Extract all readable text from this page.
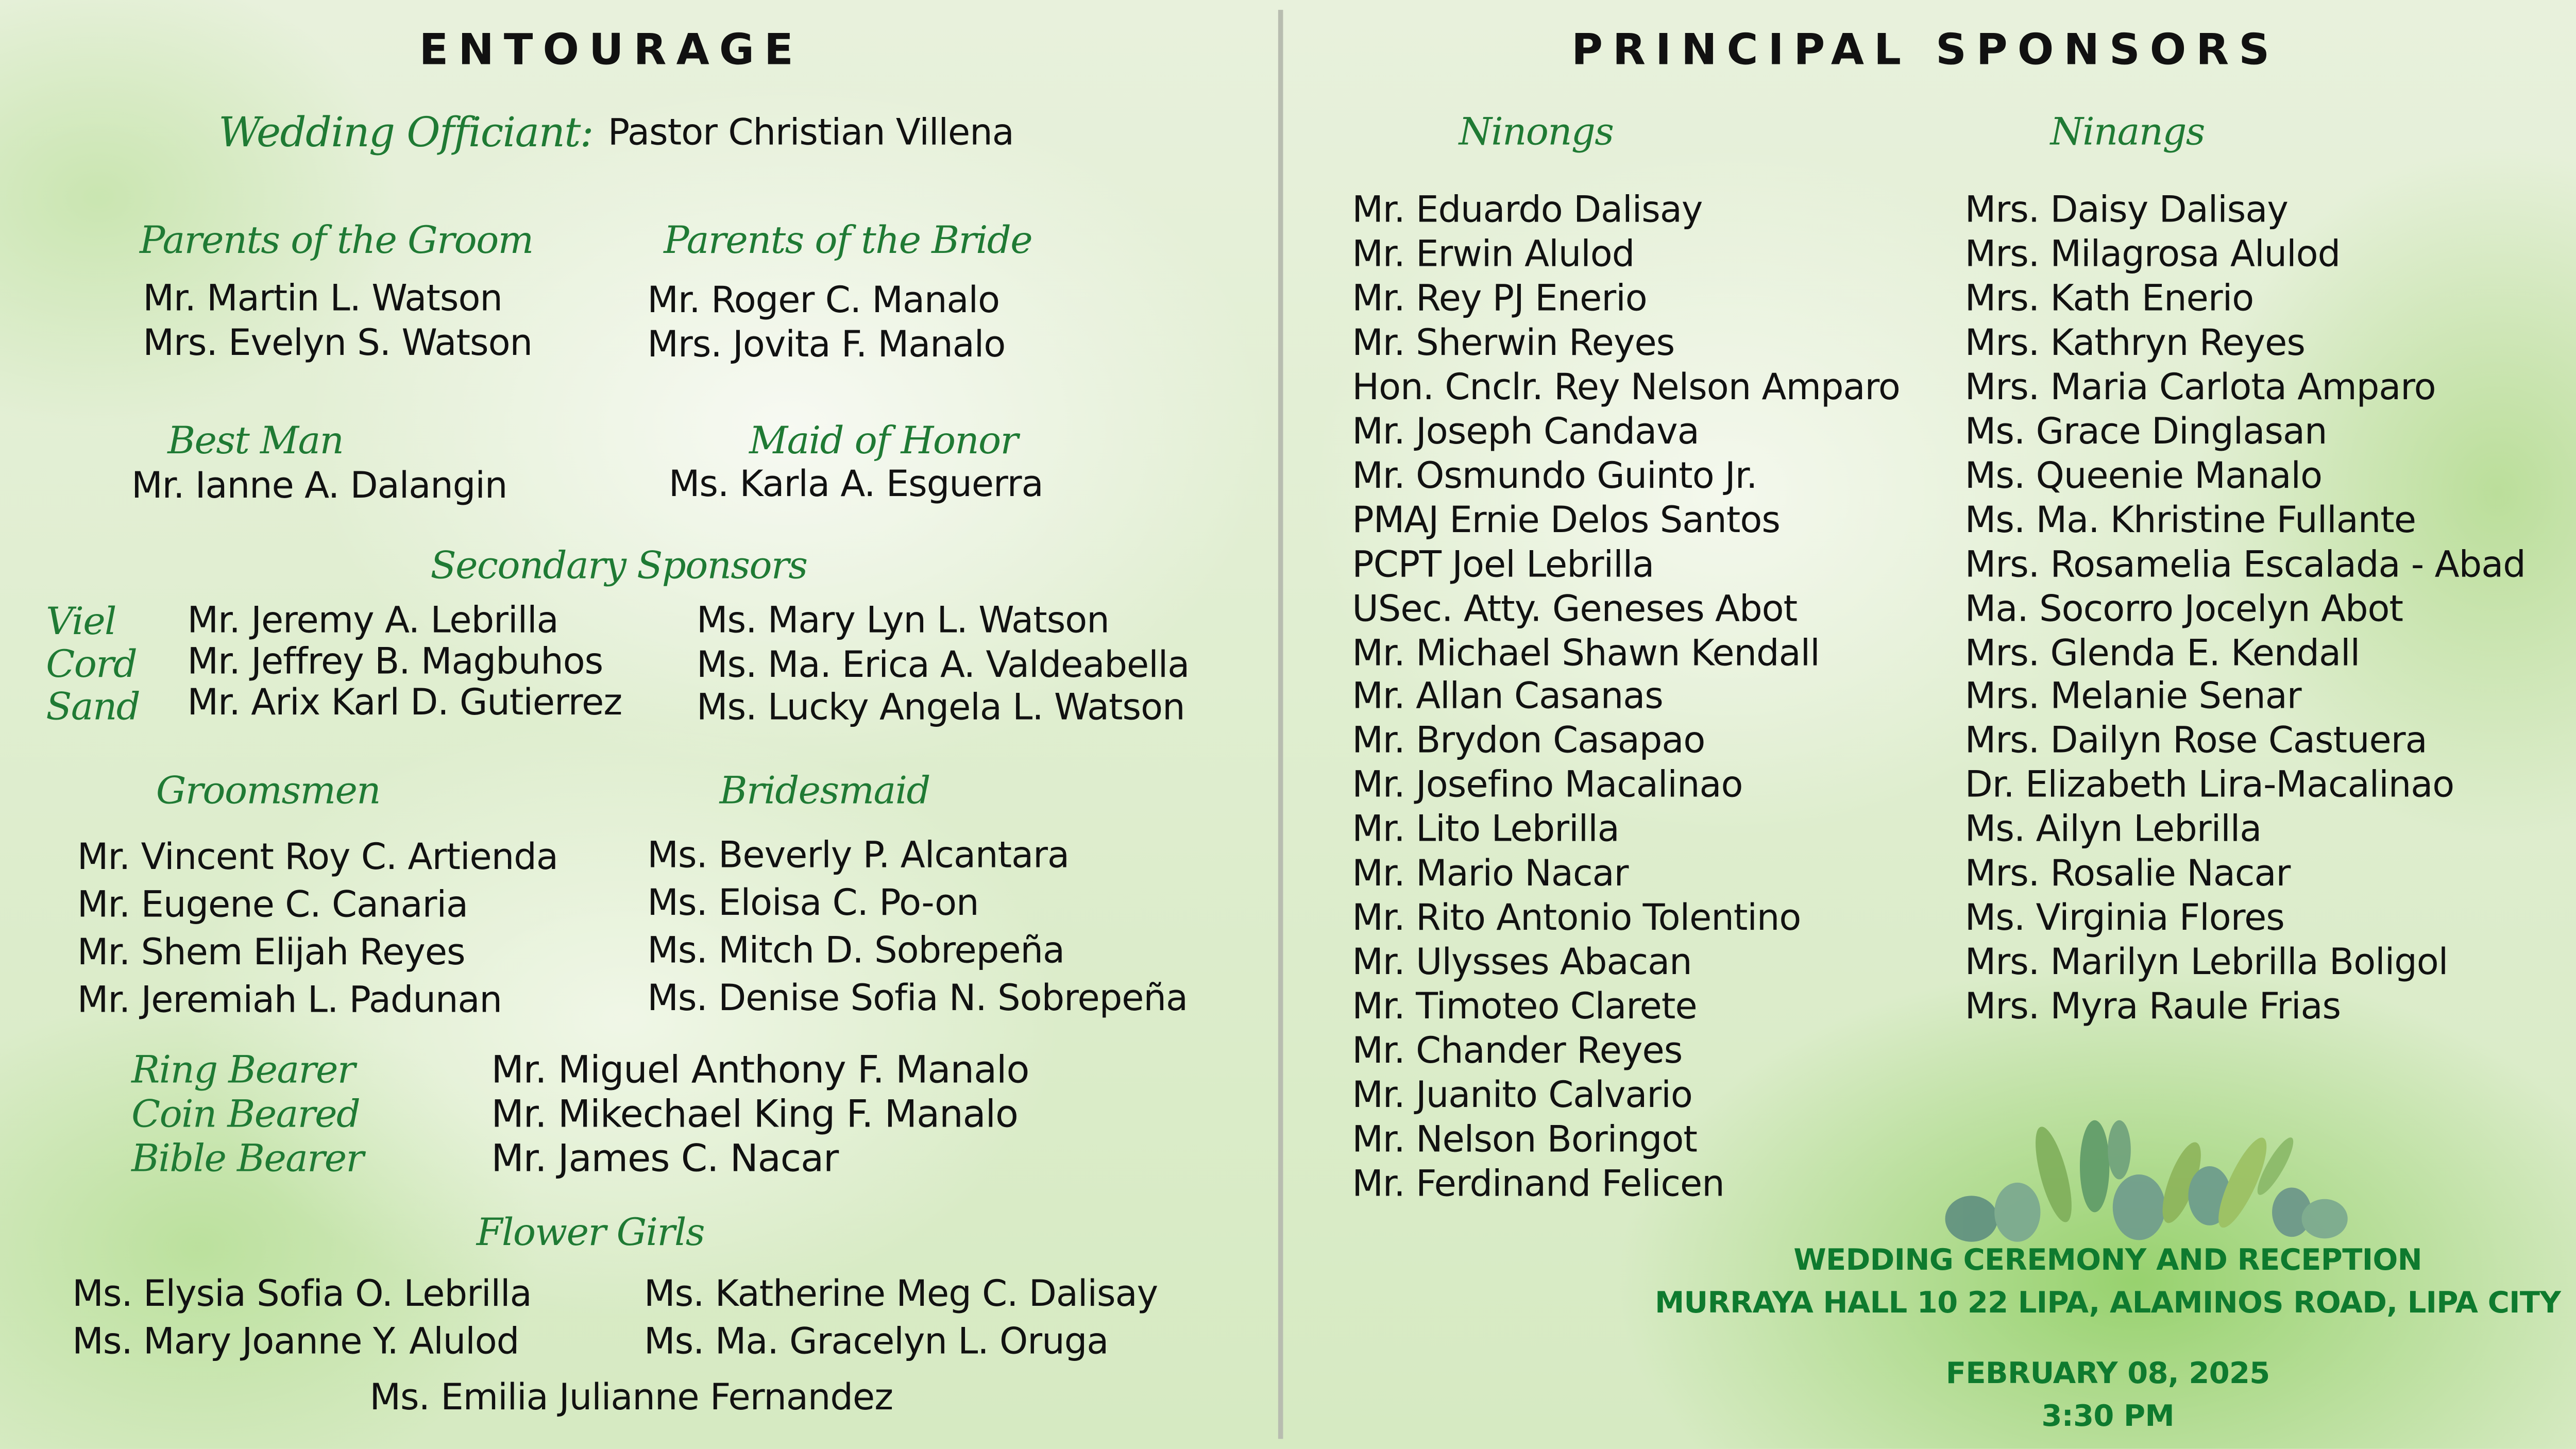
ENTOURAGE
Wedding Officiant: Pastor Christian Villena
Parents of the Groom
Mr. Martin L. Watson
Mrs. Evelyn S. Watson
Parents of the Bride
Mr. Roger C. Manalo
Mrs. Jovita F. Manalo
Best Man
Mr. Ianne A. Dalangin
Maid of Honor
Ms. Karla A. Esguerra
Secondary Sponsors
Viel
Cord
Sand
Mr. Jeremy A. Lebrilla
Mr. Jeffrey B. Magbuhos
Mr. Arix Karl D. Gutierrez
Ms. Mary Lyn L. Watson
Ms. Ma. Erica A. Valdeabella
Ms. Lucky Angela L. Watson
Groomsmen
Mr. Vincent Roy C. Artienda
Mr. Eugene C. Canaria
Mr. Shem Elijah Reyes
Mr. Jeremiah L. Padunan
Bridesmaid
Ms. Beverly P. Alcantara
Ms. Eloisa C. Po-on
Ms. Mitch D. Sobrepeña
Ms. Denise Sofia N. Sobrepeña
Ring Bearer
Coin Beared
Bible Bearer
Mr. Miguel Anthony F. Manalo
Mr. Mikechael King F. Manalo
Mr. James C. Nacar
Flower Girls
Ms. Elysia Sofia O. Lebrilla
Ms. Mary Joanne Y. Alulod
Ms. Katherine Meg C. Dalisay
Ms. Ma. Gracelyn L. Oruga
Ms. Emilia Julianne Fernandez
PRINCIPAL SPONSORS
Ninongs	Ninangs
Mr. Eduardo Dalisay
Mr. Erwin Alulod
Mr. Rey PJ Enerio
Mr. Sherwin Reyes
Hon. Cnclr. Rey Nelson Amparo
Mr. Joseph Candava
Mr. Osmundo Guinto Jr.
PMAJ Ernie Delos Santos
PCPT Joel Lebrilla
USec. Atty. Geneses Abot
Mr. Michael Shawn Kendall
Mr. Allan Casanas
Mr. Brydon Casapao
Mr. Josefino Macalinao
Mr. Lito Lebrilla
Mr. Mario Nacar
Mr. Rito Antonio Tolentino
Mr. Ulysses Abacan
Mr. Timoteo Clarete
Mr. Chander Reyes
Mr. Juanito Calvario
Mr. Nelson Boringot
Mr. Ferdinand Felicen
Mrs. Daisy Dalisay
Mrs. Milagrosa Alulod
Mrs. Kath Enerio
Mrs. Kathryn Reyes
Mrs. Maria Carlota Amparo
Ms. Grace Dinglasan
Ms. Queenie Manalo
Ms. Ma. Khristine Fullante
Mrs. Rosamelia Escalada - Abad
Ma. Socorro Jocelyn Abot
Mrs. Glenda E. Kendall
Mrs. Melanie Senar
Mrs. Dailyn Rose Castuera
Dr. Elizabeth Lira-Macalinao
Ms. Ailyn Lebrilla
Mrs. Rosalie Nacar
Ms. Virginia Flores
Mrs. Marilyn Lebrilla Boligol
Mrs. Myra Raule Frias
WEDDING CEREMONY AND RECEPTION
MURRAYA HALL 10 22 LIPA, ALAMINOS ROAD, LIPA CITY
FEBRUARY 08, 2025
3:30 PM
